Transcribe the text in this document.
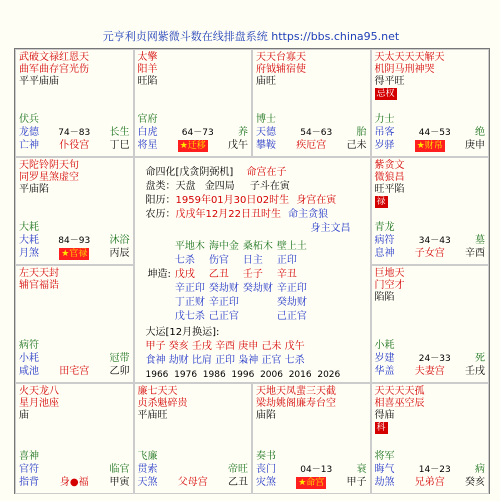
元亨利贞网紫微斗数在线排盘系统 https://bbs.china95.net
武破文禄红恩天
曲军曲存宫光伤
平平庙庙
伏兵
龙德 74－83 长生
亡神 仆役宫 丁巳
太擎
阳羊
旺陷
官府
白虎	64－73 养
将星 ★迁移 戊午
天天台寡天
府钺辅宿使
庙旺
博士
天德	54－63 胎
攀鞍 疾厄宫 己未
天太天天天解天
机阴马刑神哭
得平旺
忌权
力士
吊客	44－53 绝
岁驿 ★财帛 庚申
天陀铃阴天旬
同罗星煞虚空
平庙陷
大耗
大耗 84－93 沐浴
月煞 ★官禄 丙辰
命四化[戊贪阴弼机] 命宫在子
盘类：天盘 金四局 子斗在寅
阳历：1959年01月30日02时生 身宫在寅
农历：戊戌年12月22日丑时生 命主贪狼
身主文昌
	平地木	海中金	桑柘木	壁上土
	七杀	伤官	日主	正印
坤造:	戊戌	乙丑	壬子	辛丑
	辛正印	癸劫财	癸劫财	辛正印
	丁正财	辛正印		癸劫财
	戊七杀	己正官		己正官
大运[12月换运]:
甲子 癸亥 壬戌 辛酉 庚申 己未 戊午
食神 劫财 比肩 正印 枭神 正官 七杀
1966 1976 1986 1996 2006 2016 2026
紫贪文
微狼昌
旺平陷
禄
青龙
病符	34－43 墓
息神 子女宫 辛酉
左天天封
辅官福诰
病符
小耗	冠带
咸池 田宅宫 乙卯
巨地天
门空才
陷陷
小耗
岁建	24－33 死
华盖 夫妻宫 壬戌
火天龙八
星月池座
庙
喜神
官符	临官
指背 身●福 甲寅
廉七天天
贞杀魁碎贵
平庙旺
飞廉
贯索	帝旺
天煞 父母宫 乙丑
天地天凤蜚三天截
梁劫姚阁廉寿台空
庙陷
奏书
丧门	04－13 衰
灾煞 ★命宫 甲子
天天天天孤
相喜巫空辰
得庙
科
将军
晦气	14－23 病
劫煞 兄弟宫 癸亥
